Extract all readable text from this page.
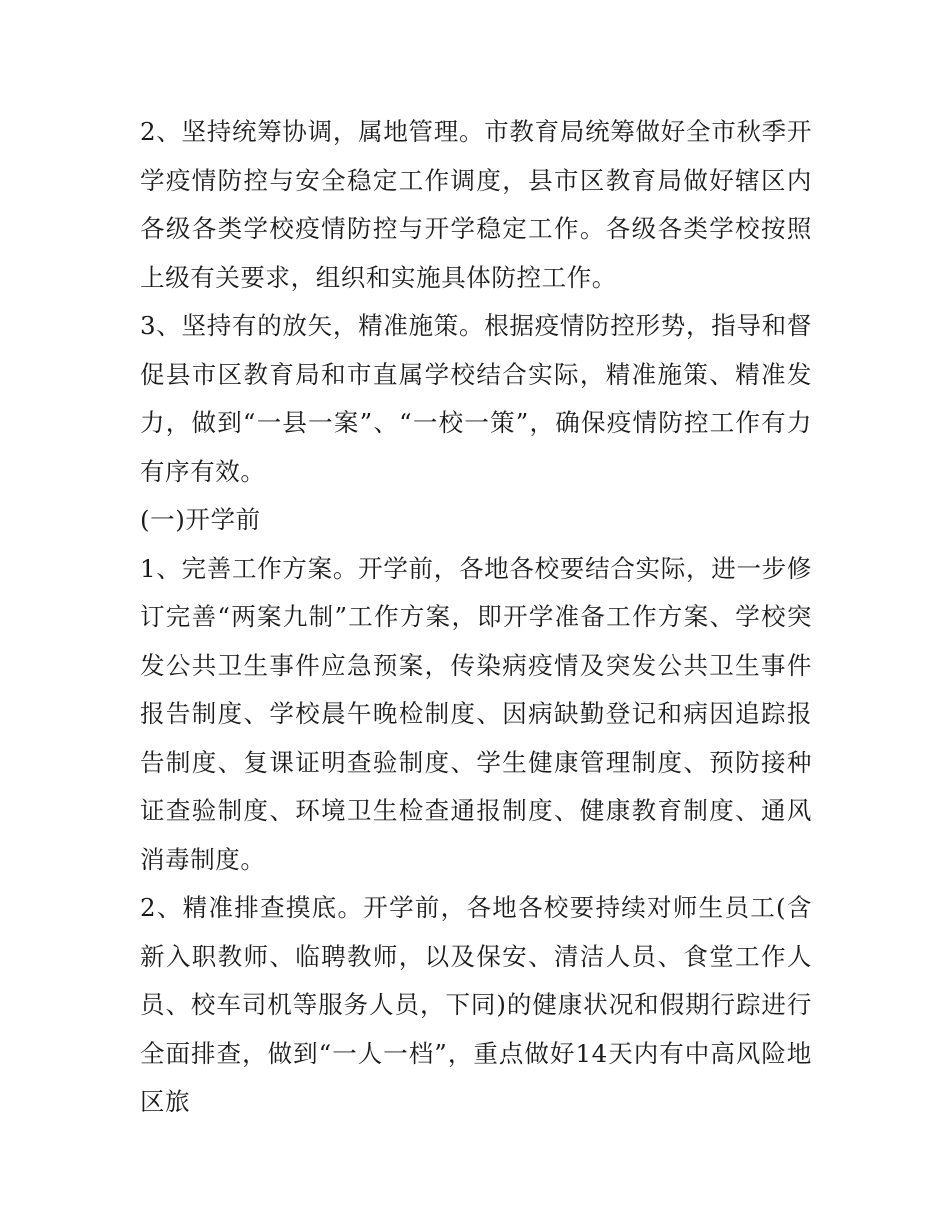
2、坚持统筹协调，属地管理。市教育局统筹做好全市秋季开学疫情防控与安全稳定工作调度，县市区教育局做好辖区内各级各类学校疫情防控与开学稳定工作。各级各类学校按照上级有关要求，组织和实施具体防控工作。

3、坚持有的放矢，精准施策。根据疫情防控形势，指导和督促县市区教育局和市直属学校结合实际，精准施策、精准发力，做到“一县一案”、“一校一策”，确保疫情防控工作有力有序有效。

(一)开学前

1、完善工作方案。开学前，各地各校要结合实际，进一步修订完善“两案九制”工作方案，即开学准备工作方案、学校突发公共卫生事件应急预案，传染病疫情及突发公共卫生事件报告制度、学校晨午晚检制度、因病缺勤登记和病因追踪报告制度、复课证明查验制度、学生健康管理制度、预防接种证查验制度、环境卫生检查通报制度、健康教育制度、通风消毒制度。

2、精准排查摸底。开学前，各地各校要持续对师生员工(含新入职教师、临聘教师，以及保安、清洁人员、食堂工作人员、校车司机等服务人员，下同)的健康状况和假期行踪进行全面排查，做到“一人一档”，重点做好14天内有中高风险地区旅
